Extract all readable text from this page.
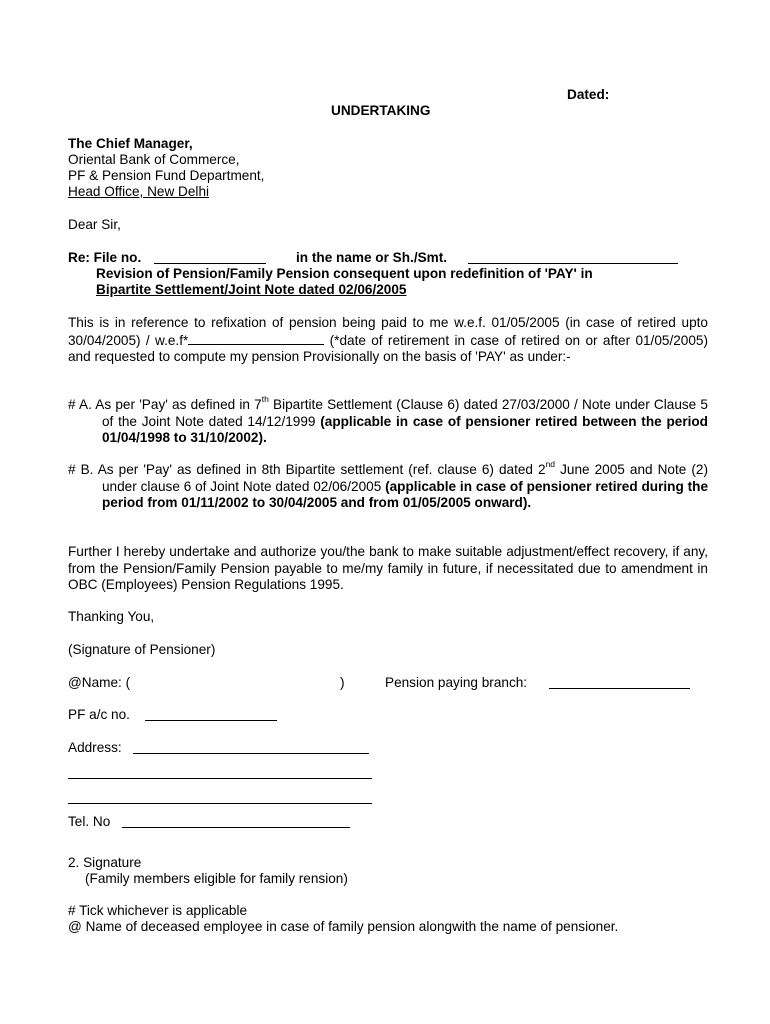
Dated:
UNDERTAKING
The Chief Manager,
Oriental Bank of Commerce,
PF & Pension Fund Department,
Head Office, New Delhi
Dear Sir,
Re: File no.	in the name or Sh./Smt.
Revision of Pension/Family Pension consequent upon redefinition of 'PAY' in
Bipartite Settlement/Joint Note dated 02/06/2005
This is in reference to refixation of pension being paid to me w.e.f. 01/05/2005 (in case of retired upto 30/04/2005) / w.e.f*	(*date of retirement in case of retired on or after 01/05/2005) and requested to compute my pension Provisionally on the basis of 'PAY' as under:-
# A. As per 'Pay' as defined in 7th Bipartite Settlement (Clause 6) dated 27/03/2000 / Note under Clause 5 of the Joint Note dated 14/12/1999 (applicable in case of pensioner retired between the period 01/04/1998 to 31/10/2002).
# B. As per 'Pay' as defined in 8th Bipartite settlement (ref. clause 6) dated 2nd June 2005 and Note (2) under clause 6 of Joint Note dated 02/06/2005 (applicable in case of pensioner retired during the period from 01/11/2002 to 30/04/2005 and from 01/05/2005 onward).
Further I hereby undertake and authorize you/the bank to make suitable adjustment/effect recovery, if any, from the Pension/Family Pension payable to me/my family in future, if necessitated due to amendment in OBC (Employees) Pension Regulations 1995.
Thanking You,
(Signature of Pensioner)
@Name: (	)	Pension paying branch:
PF a/c no.
Address:
Tel. No
2. Signature
(Family members eligible for family rension)
# Tick whichever is applicable
@ Name of deceased employee in case of family pension alongwith the name of pensioner.
